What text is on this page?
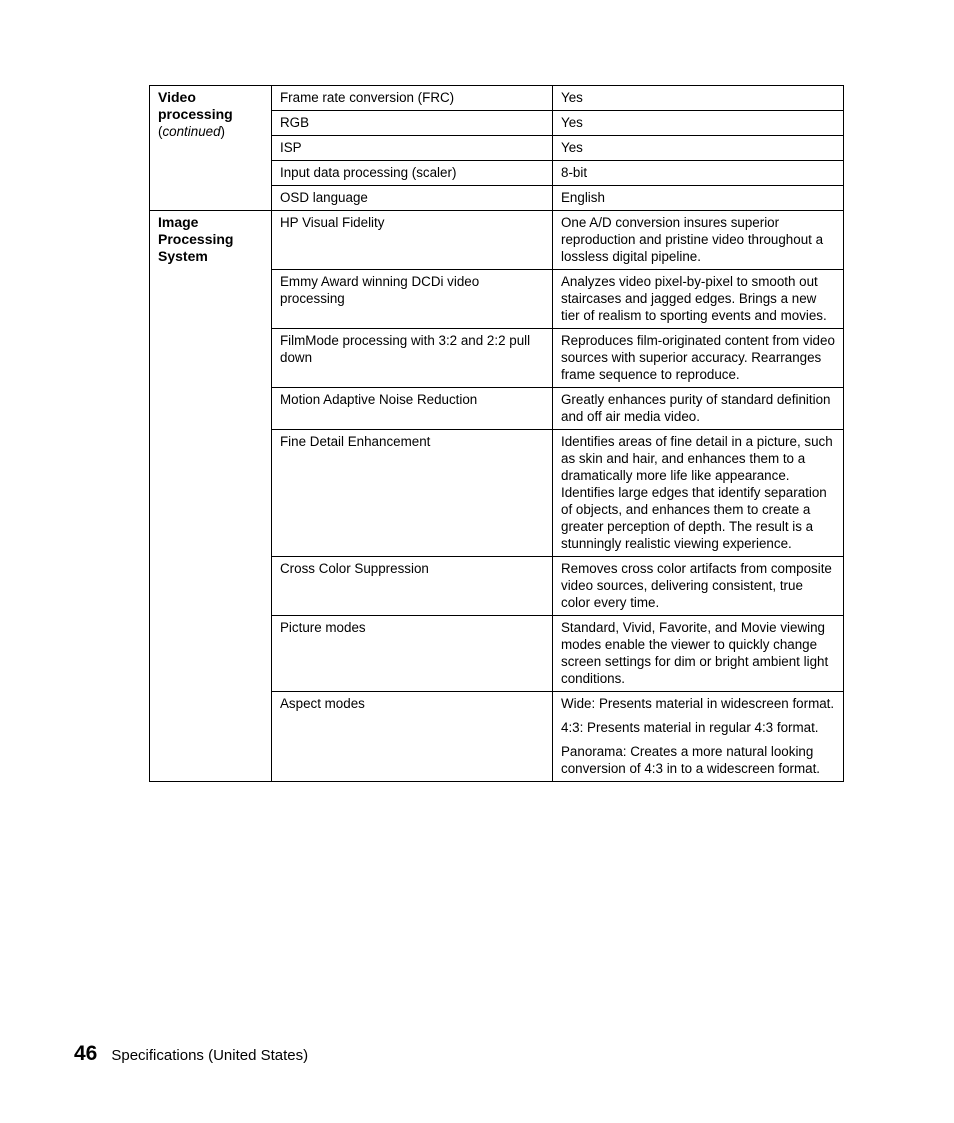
Video
processing
(continued)	Frame rate conversion (FRC)	Yes

	RGB	Yes

	ISP	Yes

	Input data processing (scaler)	8-bit

	OSD language	English

Image
Processing
System	HP Visual Fidelity	One A/D conversion insures superior reproduction and pristine video throughout a lossless digital pipeline.

	Emmy Award winning DCDi video processing	Analyzes video pixel-by-pixel to smooth out staircases and jagged edges. Brings a new tier of realism to sporting events and movies.

	FilmMode processing with 3:2 and 2:2 pull down	Reproduces film-originated content from video sources with superior accuracy. Rearranges frame sequence to reproduce.

	Motion Adaptive Noise Reduction	Greatly enhances purity of standard definition and off air media video.

	Fine Detail Enhancement	Identifies areas of fine detail in a picture, such as skin and hair, and enhances them to a dramatically more life like appearance. Identifies large edges that identify separation of objects, and enhances them to create a greater perception of depth. The result is a stunningly realistic viewing experience.

	Cross Color Suppression	Removes cross color artifacts from composite video sources, delivering consistent, true color every time.

	Picture modes	Standard, Vivid, Favorite, and Movie viewing modes enable the viewer to quickly change screen settings for dim or bright ambient light conditions.

	Aspect modes	Wide: Presents material in widescreen format.
4:3: Presents material in regular 4:3 format.
Panorama: Creates a more natural looking conversion of 4:3 in to a widescreen format.
46 Specifications (United States)
